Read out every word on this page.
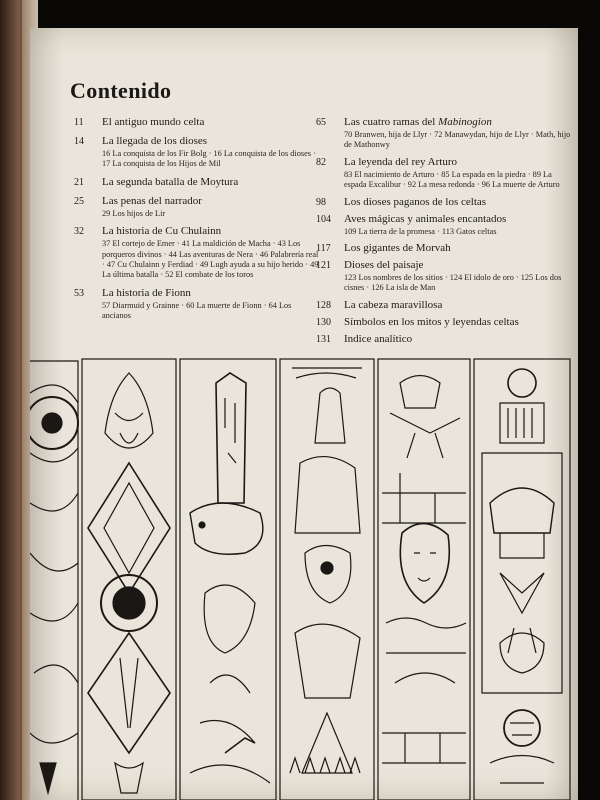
Contenido
11 El antiguo mundo celta
14 La llegada de los dioses
16 La conquista de los Fir Bolg · 16 La conquista de los dioses · 17 La conquista de los Hijos de Mil
21 La segunda batalla de Moytura
25 Las penas del narrador
29 Los hijos de Lir
32 La historia de Cu Chulainn
37 El cortejo de Emer · 41 La maldición de Macha · 43 Los porqueros divinos · 44 Las aventuras de Nera · 46 Palabrería real · 47 Cu Chulainn y Ferdiad · 49 Lugh ayuda a su hijo herido · 49 La última batalla · 52 El combate de los toros
53 La historia de Fionn
57 Diarmuid y Grainne · 60 La muerte de Fionn · 64 Los ancianos
65 Las cuatro ramas del Mabinogion
70 Branwen, hija de Llyr · 72 Manawydan, hijo de Llyr · Math, hijo de Mathonwy
82 La leyenda del rey Arturo
83 El nacimiento de Arturo · 85 La espada en la piedra · 89 La espada Excalibur · 92 La mesa redonda · 96 La muerte de Arturo
98 Los dioses paganos de los celtas
104 Aves mágicas y animales encantados
109 La tierra de la promesa · 113 Gatos celtas
117 Los gigantes de Morvah
121 Dioses del paisaje
123 Los nombres de los sitios · 124 El idolo de oro · 125 Los dos cisnes · 126 La isla de Man
128 La cabeza maravillosa
130 Símbolos en los mitos y leyendas celtas
131 Indice analítico
